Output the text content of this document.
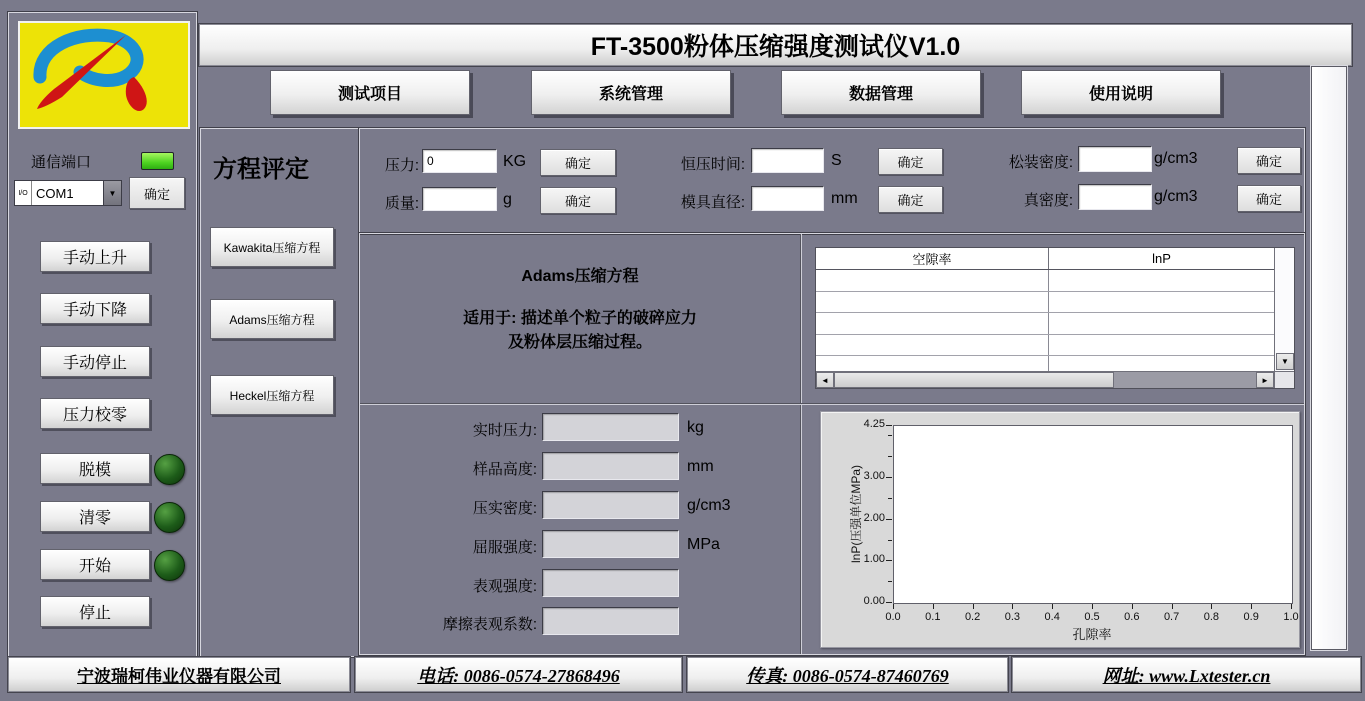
通信端口
I/O COM1	▼	确定
手动上升
手动下降
手动停止
压力校零
脱模
清零
开始
停止
FT-3500粉体压缩强度测试仪V1.0
测试项目	系统管理	数据管理	使用说明
方程评定
Kawakita压缩方程
Adams压缩方程
Heckel压缩方程
压力:
0	KG	确定
质量:	g	确定
恒压时间:	S	确定
模具直径:	mm	确定
松装密度:	g/cm3	确定
真密度:	g/cm3	确定
Adams压缩方程
适用于: 描述单个粒子的破碎应力
及粉体层压缩过程。
空隙率	lnP
▼
◄	►
实时压力:	kg
样品高度:	mm
压实密度:	g/cm3
屈服强度:	MPa
表观强度:
摩擦表观系数:
lnP(压强单位MPa)
孔隙率
0.00
1.00
2.00
3.00
4.25
0.0	0.1	0.2	0.3	0.4	0.5	0.6	0.7	0.8	0.9	1.0
宁波瑞柯伟业仪器有限公司	电话: 0086-0574-27868496	传真: 0086-0574-87460769	网址: www.Lxtester.cn
